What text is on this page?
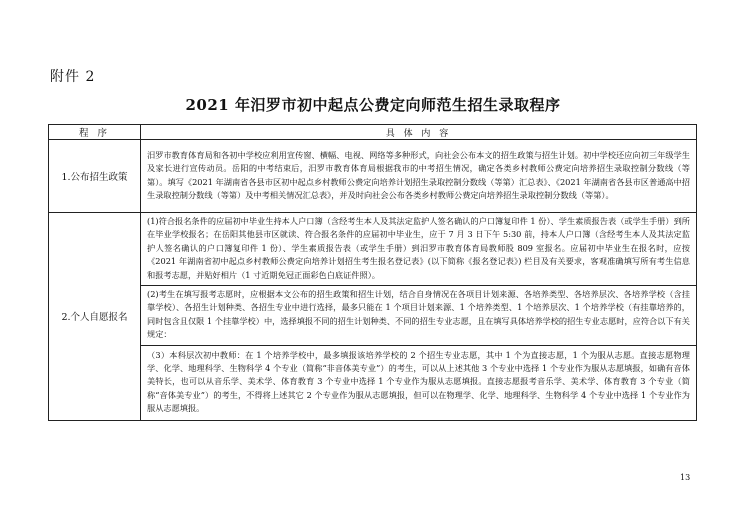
附件 2
2021 年汨罗市初中起点公费定向师范生招生录取程序
程 序	具 体 内 容
1.公布招生政策	汨罗市教育体育局和各初中学校应利用宣传窗、横幅、电视、网络等多种形式，向社会公布本文的招生政策与招生计划。初中学校还应向初三年级学生及家长进行宣传动员。岳阳的中考结束后，汨罗市教育体育局根据我市的中考招生情况，确定各类乡村教师公费定向培养招生录取控制分数线（等第）。填写《2021 年湖南省各县市区初中起点乡村教师公费定向培养计划招生录取控制分数线（等第）汇总表》、《2021 年湖南省各县市区普通高中招生录取控制分数线（等第）及中考相关情况汇总表》，并及时向社会公布各类乡村教师公费定向培养招生录取控制分数线（等第）。

2.个人自愿报名	(1)符合报名条件的应届初中毕业生持本人户口簿（含经考生本人及其法定监护人签名确认的户口簿复印件 1 份）、学生素质报告表（或学生手册）到所在毕业学校报名；在岳阳其他县市区就读、符合报名条件的应届初中毕业生，应于 7 月 3 日下午 5:30 前，持本人户口簿（含经考生本人及其法定监护人签名确认的户口簿复印件 1 份）、学生素质报告表（或学生手册）到汨罗市教育体育局教师股 809 室报名。应届初中毕业生在报名时，应按《2021 年湖南省初中起点乡村教师公费定向培养计划招生考生报名登记表》(以下简称《报名登记表》) 栏目及有关要求，客观准确填写所有考生信息和报考志愿，并贴好相片（1 寸近期免冠正面彩色白底证件照）。

	(2)考生在填写报考志愿时，应根据本文公布的招生政策和招生计划，结合自身情况在各项目计划来源、各培养类型、各培养层次、各培养学校（含挂靠学校）、各招生计划种类、各招生专业中进行选择，最多只能在 1 个项目计划来源、1 个培养类型、1 个培养层次、1 个培养学校（有挂靠培养的，同时包含且仅限 1 个挂靠学校）中，选择填报不同的招生计划种类、不同的招生专业志愿，且在填写具体培养学校的招生专业志愿时，应符合以下有关规定：

	（3）本科层次初中教师：在 1 个培养学校中，最多填报该培养学校的 2 个招生专业志愿，其中 1 个为直接志愿，1 个为服从志愿。直接志愿物理学、化学、地理科学、生物科学 4 个专业（简称“非音体美专业”）的考生，可以从上述其他 3 个专业中选择 1 个专业作为服从志愿填报，如确有音体美特长，也可以从音乐学、美术学、体育教育 3 个专业中选择 1 个专业作为服从志愿填报。直接志愿报考音乐学、美术学、体育教育 3 个专业（简称“音体美专业”）的考生，不得将上述其它 2 个专业作为服从志愿填报，但可以在物理学、化学、地理科学、生物科学 4 个专业中选择 1 个专业作为服从志愿填报。

13
